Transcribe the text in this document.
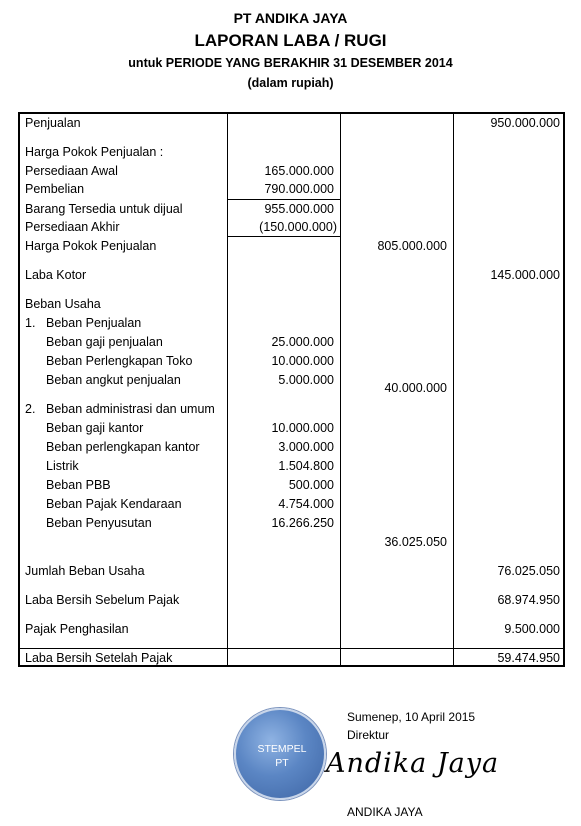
PT ANDIKA JAYA
LAPORAN LABA / RUGI
untuk PERIODE YANG BERAKHIR 31 DESEMBER 2014
(dalam rupiah)
Penjualan	950.000.000
Harga Pokok Penjualan :
Persediaan Awal	165.000.000
Pembelian	790.000.000
Barang Tersedia untuk dijual	955.000.000
Persediaan Akhir	(150.000.000)
Harga Pokok Penjualan	805.000.000
Laba Kotor	145.000.000
Beban Usaha
1. Beban Penjualan
Beban gaji penjualan	25.000.000
Beban Perlengkapan Toko	10.000.000
Beban angkut penjualan	5.000.000
40.000.000
2. Beban administrasi dan umum
Beban gaji kantor	10.000.000
Beban perlengkapan kantor	3.000.000
Listrik	1.504.800
Beban PBB	500.000
Beban Pajak Kendaraan	4.754.000
Beban Penyusutan	16.266.250
36.025.050
Jumlah Beban Usaha	76.025.050
Laba Bersih Sebelum Pajak	68.974.950
Pajak Penghasilan	9.500.000
Laba Bersih Setelah Pajak	59.474.950
Sumenep, 10 April 2015
Direktur
STEMPEL
PT	Andika Jaya
ANDIKA JAYA
